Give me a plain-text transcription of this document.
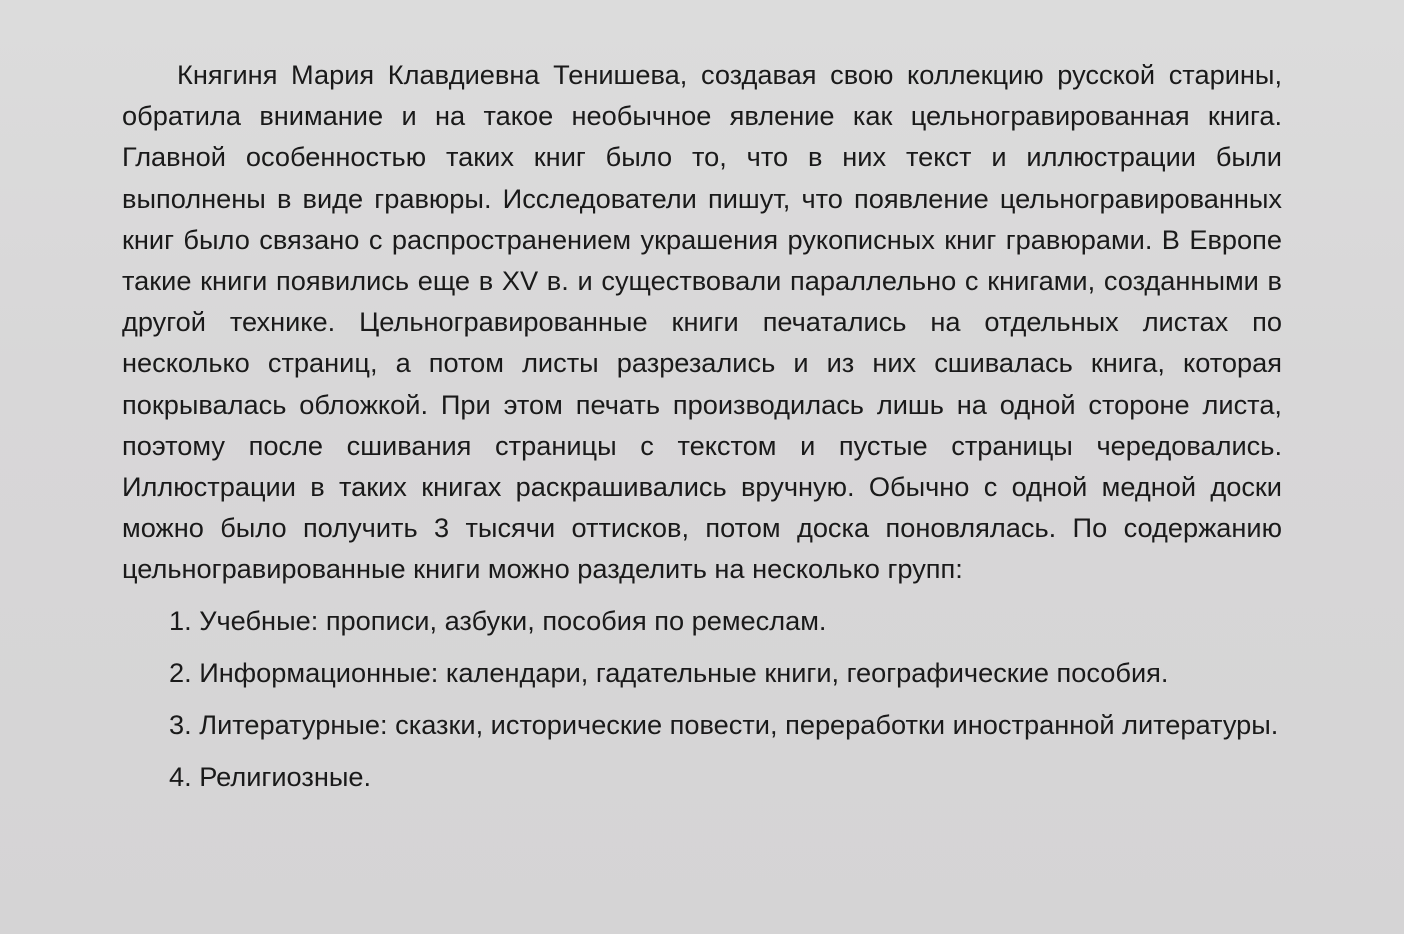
Княгиня Мария Клавдиевна Тенишева, создавая свою коллекцию русской старины, обратила внимание и на такое необычное явление как цельногравированная книга. Главной особенностью таких книг было то, что в них текст и иллюстрации были выполнены в виде гравюры. Исследователи пишут, что появление цельногравированных книг было связано с распространением украшения рукописных книг гравюрами. В Европе такие книги появились еще в XV в. и существовали параллельно с книгами, созданными в другой технике. Цельногравированные книги печатались на отдельных листах по несколько страниц, а потом листы разрезались и из них сшивалась книга, которая покрывалась обложкой. При этом печать производилась лишь на одной стороне листа, поэтому после сшивания страницы с текстом и пустые страницы чередовались. Иллюстрации в таких книгах раскрашивались вручную. Обычно с одной медной доски можно было получить 3 тысячи оттисков, потом доска поновлялась. По содержанию цельногравированные книги можно разделить на несколько групп:

1. Учебные: прописи, азбуки, пособия по ремеслам.
2. Информационные: календари, гадательные книги, географические пособия.
3. Литературные: сказки, исторические повести, переработки иностранной литературы.
4. Религиозные.
